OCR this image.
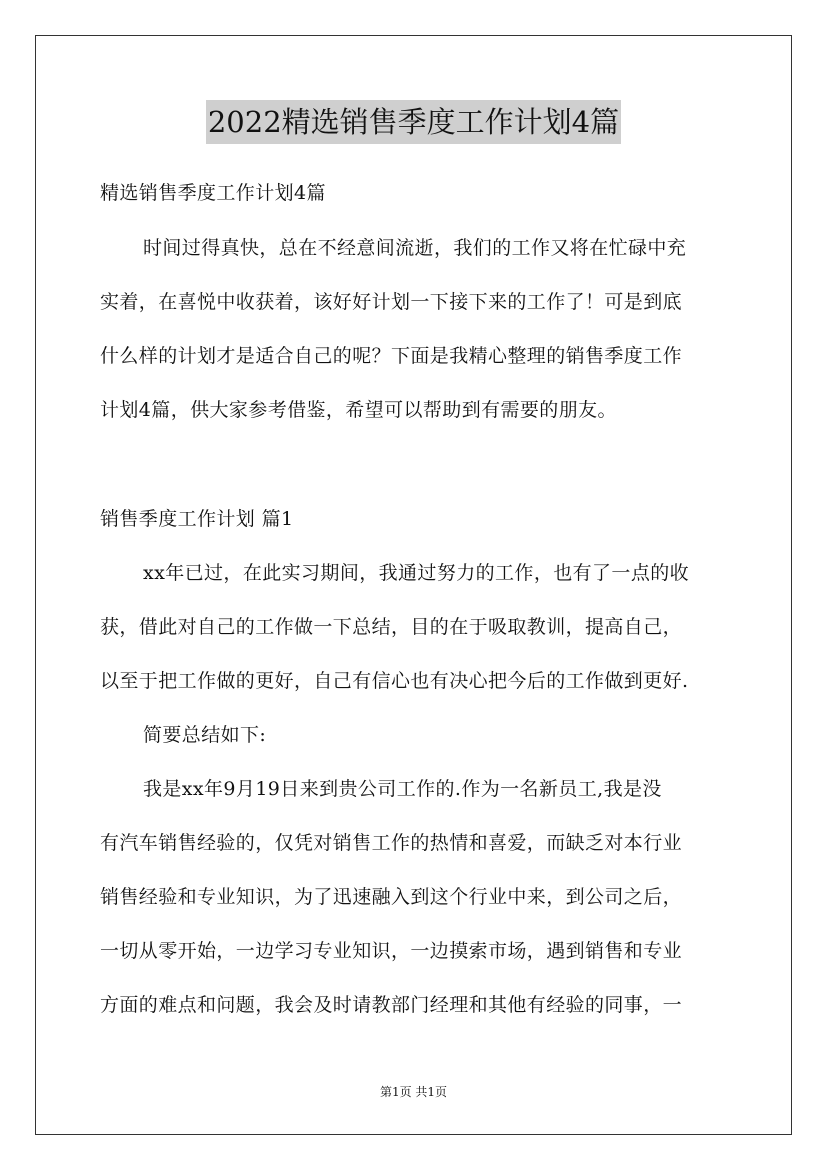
2022精选销售季度工作计划4篇
精选销售季度工作计划4篇
时间过得真快，总在不经意间流逝，我们的工作又将在忙碌中充
实着，在喜悦中收获着，该好好计划一下接下来的工作了！可是到底
什么样的计划才是适合自己的呢？下面是我精心整理的销售季度工作
计划4篇，供大家参考借鉴，希望可以帮助到有需要的朋友。
销售季度工作计划 篇1
xx年已过，在此实习期间，我通过努力的工作，也有了一点的收
获，借此对自己的工作做一下总结，目的在于吸取教训，提高自己，
以至于把工作做的更好，自己有信心也有决心把今后的工作做到更好.
简要总结如下:
我是xx年9月19日来到贵公司工作的.作为一名新员工,我是没
有汽车销售经验的，仅凭对销售工作的热情和喜爱，而缺乏对本行业
销售经验和专业知识，为了迅速融入到这个行业中来，到公司之后，
一切从零开始，一边学习专业知识，一边摸索市场，遇到销售和专业
方面的难点和问题，我会及时请教部门经理和其他有经验的同事，一
第1页 共1页
